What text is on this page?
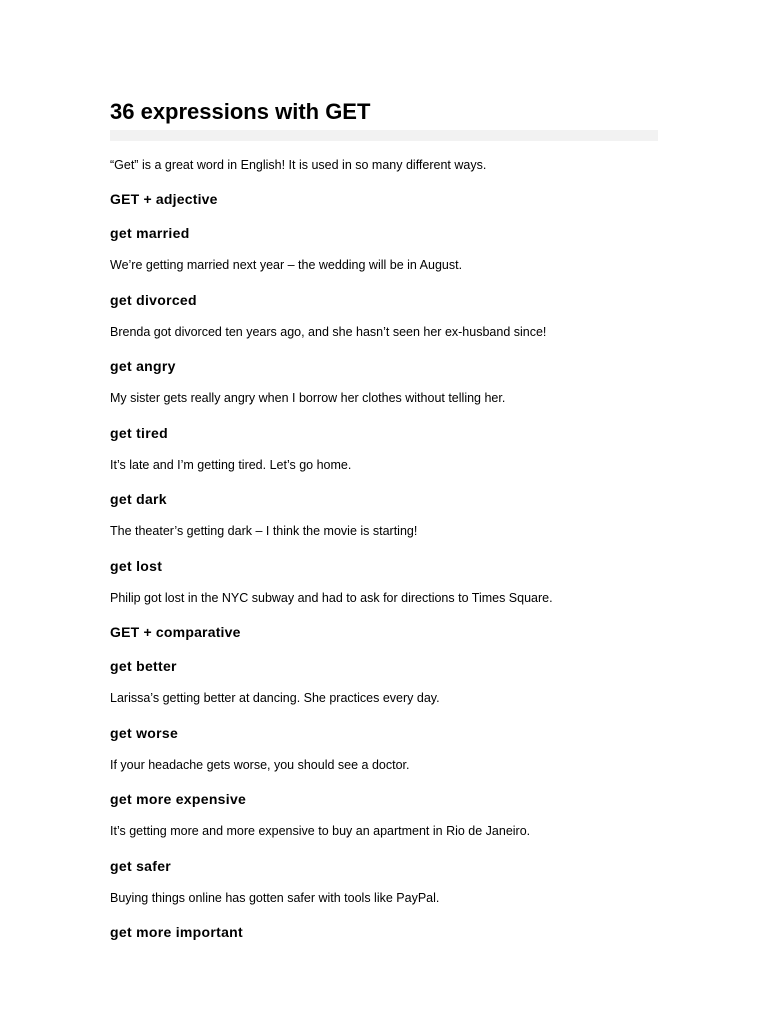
36 expressions with GET
“Get” is a great word in English! It is used in so many different ways.
GET + adjective
get married
We’re getting married next year – the wedding will be in August.
get divorced
Brenda got divorced ten years ago, and she hasn’t seen her ex-husband since!
get angry
My sister gets really angry when I borrow her clothes without telling her.
get tired
It’s late and I’m getting tired. Let’s go home.
get dark
The theater’s getting dark – I think the movie is starting!
get lost
Philip got lost in the NYC subway and had to ask for directions to Times Square.
GET + comparative
get better
Larissa’s getting better at dancing. She practices every day.
get worse
If your headache gets worse, you should see a doctor.
get more expensive
It’s getting more and more expensive to buy an apartment in Rio de Janeiro.
get safer
Buying things online has gotten safer with tools like PayPal.
get more important
